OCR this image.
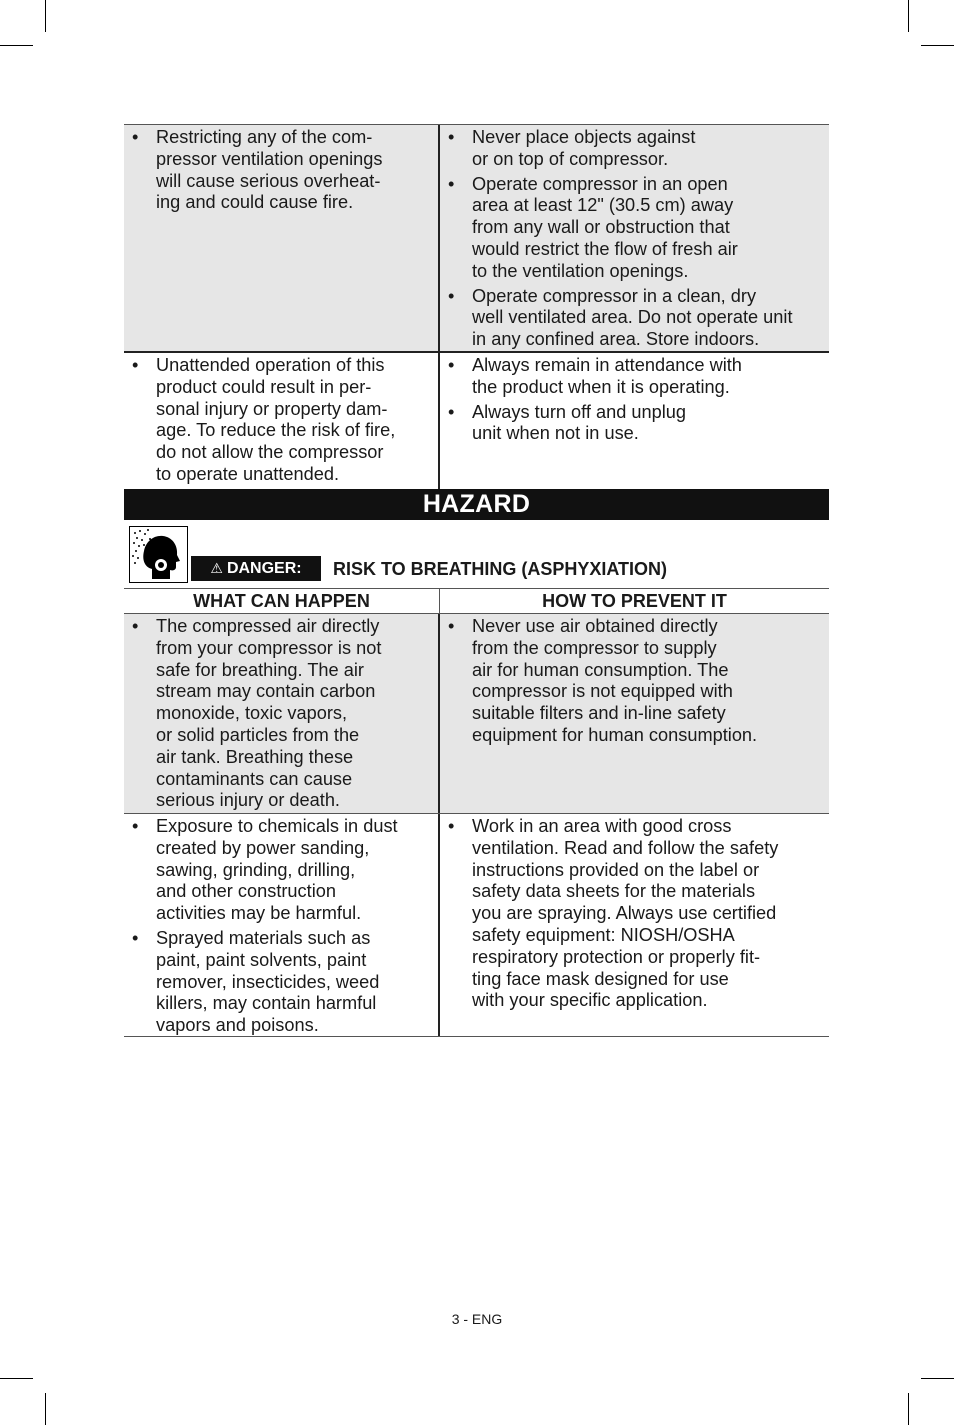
• Restricting any of the com-
pressor ventilation openings
will cause serious overheat-
ing and could cause fire.
• Never place objects against
or on top of compressor.
• Operate compressor in an open
area at least 12" (30.5 cm) away
from any wall or obstruction that
would restrict the flow of fresh air
to the ventilation openings.
• Operate compressor in a clean, dry
well ventilated area. Do not operate unit
in any confined area. Store indoors.
• Unattended operation of this
product could result in per-
sonal injury or property dam-
age. To reduce the risk of fire,
do not allow the compressor
to operate unattended.
• Always remain in attendance with
the product when it is operating.
• Always turn off and unplug
unit when not in use.
HAZARD
⚠ DANGER:	RISK TO BREATHING (ASPHYXIATION)
WHAT CAN HAPPEN	HOW TO PREVENT IT
• The compressed air directly
from your compressor is not
safe for breathing. The air
stream may contain carbon
monoxide, toxic vapors,
or solid particles from the
air tank. Breathing these
contaminants can cause
serious injury or death.
• Never use air obtained directly
from the compressor to supply
air for human consumption. The
compressor is not equipped with
suitable filters and in-line safety
equipment for human consumption.
• Exposure to chemicals in dust
created by power sanding,
sawing, grinding, drilling,
and other construction
activities may be harmful.
• Sprayed materials such as
paint, paint solvents, paint
remover, insecticides, weed
killers, may contain harmful
vapors and poisons.
• Work in an area with good cross
ventilation. Read and follow the safety
instructions provided on the label or
safety data sheets for the materials
you are spraying. Always use certified
safety equipment: NIOSH/OSHA
respiratory protection or properly fit-
ting face mask designed for use
with your specific application.
3 - ENG
